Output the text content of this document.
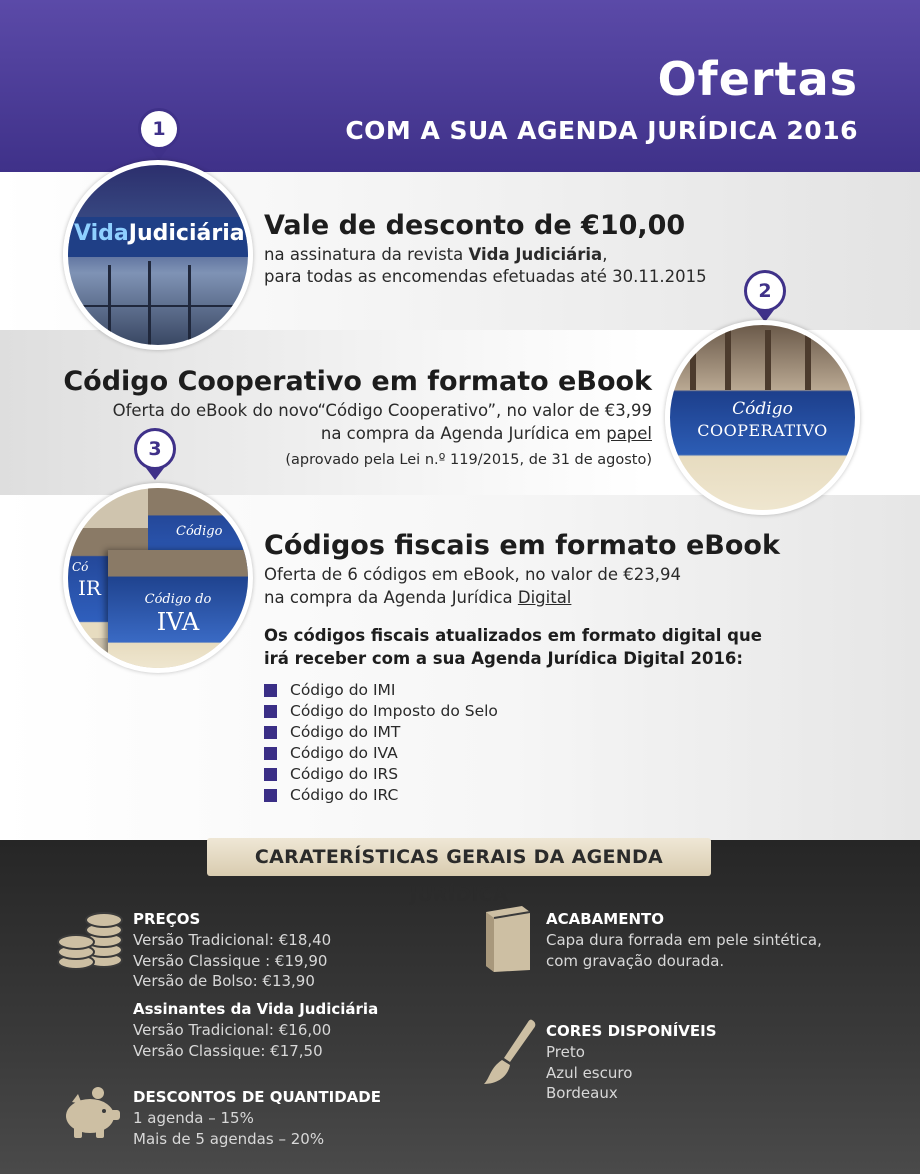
Ofertas
COM A SUA AGENDA JURÍDICA 2016
1
VidaJudiciária Vale de desconto de €10,00
na assinatura da revista Vida Judiciária,
para todas as encomendas efetuadas até 30.11.2015
2
Código
COOPERATIVO
Código Cooperativo em formato eBook
Oferta do eBook do novo“Código Cooperativo”, no valor de €3,99
na compra da Agenda Jurídica em papel
(aprovado pela Lei n.º 119/2015, de 31 de agosto)
3
Código
Có
IR	Código do
IVA
Códigos fiscais em formato eBook
Oferta de 6 códigos em eBook, no valor de €23,94
na compra da Agenda Jurídica Digital
Os códigos fiscais atualizados em formato digital que
irá receber com a sua Agenda Jurídica Digital 2016:
Código do IMI
Código do Imposto do Selo
Código do IMT
Código do IVA
Código do IRS
Código do IRC
CARATERÍSTICAS GERAIS DA AGENDA JURÍDICA
PREÇOS
Versão Tradicional: €18,40
Versão Classique : €19,90
Versão de Bolso: €13,90
Assinantes da Vida Judiciária
Versão Tradicional: €16,00
Versão Classique: €17,50
DESCONTOS DE QUANTIDADE
1 agenda – 15%
Mais de 5 agendas – 20%
ACABAMENTO
Capa dura forrada em pele sintética,
com gravação dourada.
CORES DISPONÍVEIS
Preto
Azul escuro
Bordeaux
